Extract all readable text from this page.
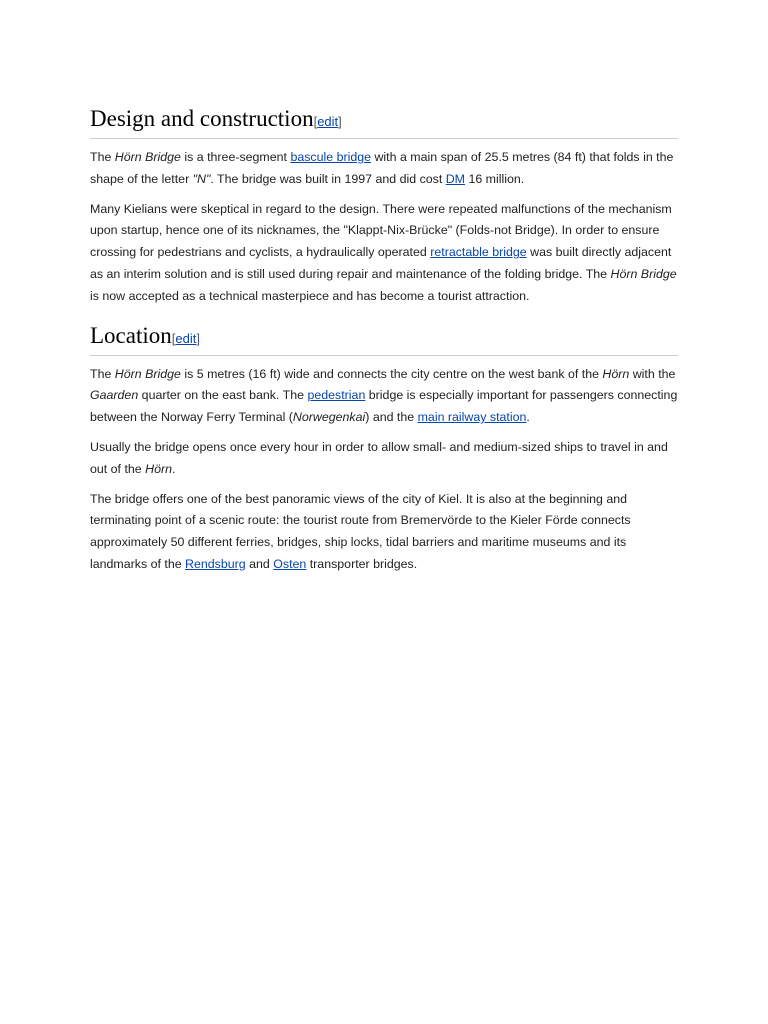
Design and construction[edit]

The Hörn Bridge is a three-segment bascule bridge with a main span of 25.5 metres (84 ft) that folds in the shape of the letter "N". The bridge was built in 1997 and did cost DM 16 million.

Many Kielians were skeptical in regard to the design. There were repeated malfunctions of the mechanism upon startup, hence one of its nicknames, the "Klappt-Nix-Brücke" (Folds-not Bridge). In order to ensure crossing for pedestrians and cyclists, a hydraulically operated retractable bridge was built directly adjacent as an interim solution and is still used during repair and maintenance of the folding bridge. The Hörn Bridge is now accepted as a technical masterpiece and has become a tourist attraction.

Location[edit]

The Hörn Bridge is 5 metres (16 ft) wide and connects the city centre on the west bank of the Hörn with the Gaarden quarter on the east bank. The pedestrian bridge is especially important for passengers connecting between the Norway Ferry Terminal (Norwegenkai) and the main railway station.

Usually the bridge opens once every hour in order to allow small- and medium-sized ships to travel in and out of the Hörn.

The bridge offers one of the best panoramic views of the city of Kiel. It is also at the beginning and terminating point of a scenic route: the tourist route from Bremervörde to the Kieler Förde connects approximately 50 different ferries, bridges, ship locks, tidal barriers and maritime museums and its landmarks of the Rendsburg and Osten transporter bridges.
